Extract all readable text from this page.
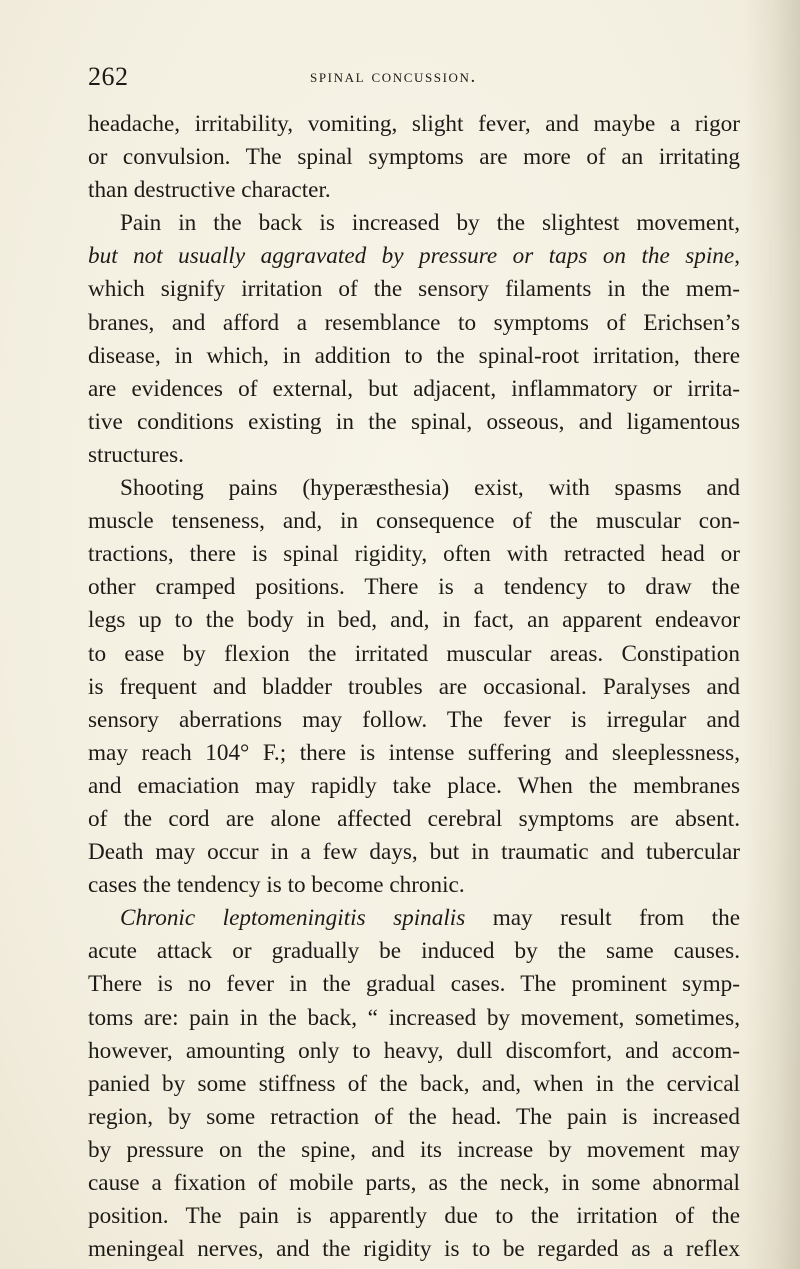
262	spinal concussion.
headache, irritability, vomiting, slight fever, and maybe a rigor
or convulsion. The spinal symptoms are more of an irritating
than destructive character.
Pain in the back is increased by the slightest movement,
but not usually aggravated by pressure or taps on the spine,
which signify irritation of the sensory filaments in the mem-
branes, and afford a resemblance to symptoms of Erichsen’s
disease, in which, in addition to the spinal-root irritation, there
are evidences of external, but adjacent, inflammatory or irrita-
tive conditions existing in the spinal, osseous, and ligamentous
structures.
Shooting pains (hyperæsthesia) exist, with spasms and
muscle tenseness, and, in consequence of the muscular con-
tractions, there is spinal rigidity, often with retracted head or
other cramped positions. There is a tendency to draw the
legs up to the body in bed, and, in fact, an apparent endeavor
to ease by flexion the irritated muscular areas. Constipation
is frequent and bladder troubles are occasional. Paralyses and
sensory aberrations may follow. The fever is irregular and
may reach 104° F.; there is intense suffering and sleeplessness,
and emaciation may rapidly take place. When the membranes
of the cord are alone affected cerebral symptoms are absent.
Death may occur in a few days, but in traumatic and tubercular
cases the tendency is to become chronic.
Chronic leptomeningitis spinalis may result from the
acute attack or gradually be induced by the same causes.
There is no fever in the gradual cases. The prominent symp-
toms are: pain in the back, “ increased by movement, sometimes,
however, amounting only to heavy, dull discomfort, and accom-
panied by some stiffness of the back, and, when in the cervical
region, by some retraction of the head. The pain is increased
by pressure on the spine, and its increase by movement may
cause a fixation of mobile parts, as the neck, in some abnormal
position. The pain is apparently due to the irritation of the
meningeal nerves, and the rigidity is to be regarded as a reflex
